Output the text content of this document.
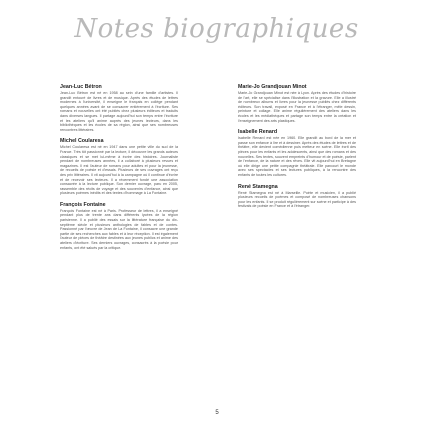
Notes biographiques
Jean-Luc Bétron
Jean-Luc Bétron est né en 1958 au sein d'une famille d'artistes. Il grandit entouré de livres et de musique. Après des études de lettres modernes à l'université, il enseigne le français en collège pendant quelques années avant de se consacrer entièrement à l'écriture. Ses romans et nouvelles ont été publiés chez plusieurs éditeurs et traduits dans diverses langues. Il partage aujourd'hui son temps entre l'écriture et les ateliers qu'il anime auprès des jeunes lecteurs, dans les bibliothèques et les écoles de sa région, ainsi que ses nombreuses rencontres littéraires.
Michel Coularesa
Michel Coularesa est né en 1947 dans une petite ville du sud de la France. Très tôt passionné par la lecture, il découvre les grands auteurs classiques et se met lui-même à écrire des histoires. Journaliste pendant de nombreuses années, il a collaboré à plusieurs revues et magazines. Il est l'auteur de romans pour adultes et pour la jeunesse, de recueils de poésie et d'essais. Plusieurs de ses ouvrages ont reçu des prix littéraires. Il vit aujourd'hui à la campagne où il continue d'écrire et de recevoir ses lecteurs. Il a récemment fondé une association consacrée à la lecture publique. Son dernier ouvrage, paru en 2005, rassemble des récits de voyage et des souvenirs d'enfance, ainsi que plusieurs poèmes inédits et des textes d'hommage à La Fontaine.
François Fontaine
François Fontaine est né à Paris. Professeur de lettres, il a enseigné pendant plus de trente ans dans différents lycées de la région parisienne. Il a publié des essais sur la littérature française du dix-septième siècle et plusieurs anthologies de fables et de contes. Passionné par l'œuvre de Jean de La Fontaine, il consacre une grande partie de ses recherches aux fables et à leur réception. Il est également l'auteur de pièces de théâtre destinées aux jeunes publics et anime des ateliers d'écriture. Ses derniers ouvrages, consacrés à la poésie pour enfants, ont été salués par la critique.
Marie-Jo Grandjouan Minot
Marie-Jo Grandjouan Minot est née à Lyon. Après des études d'histoire de l'art, elle se spécialise dans l'illustration et la gravure. Elle a illustré de nombreux albums et livres pour la jeunesse publiés chez différents éditeurs. Son travail, exposé en France et à l'étranger, mêle dessin, peinture et collage. Elle anime régulièrement des ateliers dans les écoles et les médiathèques et partage son temps entre la création et l'enseignement des arts plastiques.
Isabelle Renard
Isabelle Renard est née en 1960. Elle grandit au bord de la mer et passe son enfance à lire et à dessiner. Après des études de lettres et de théâtre, elle devient comédienne puis metteur en scène. Elle écrit des pièces pour les enfants et les adolescents, ainsi que des romans et des nouvelles. Ses textes, souvent empreints d'humour et de poésie, parlent de l'enfance, de la nature et des rêves. Elle vit aujourd'hui en Bretagne où elle dirige une petite compagnie théâtrale. Elle parcourt le monde avec ses spectacles et ses lectures publiques, à la rencontre des enfants de toutes les cultures.
René Stamegna
René Stamegna est né à Marseille. Poète et musicien, il a publié plusieurs recueils de poèmes et composé de nombreuses chansons pour les enfants. Il se produit régulièrement sur scène et participe à des festivals de poésie en France et à l'étranger.
5
